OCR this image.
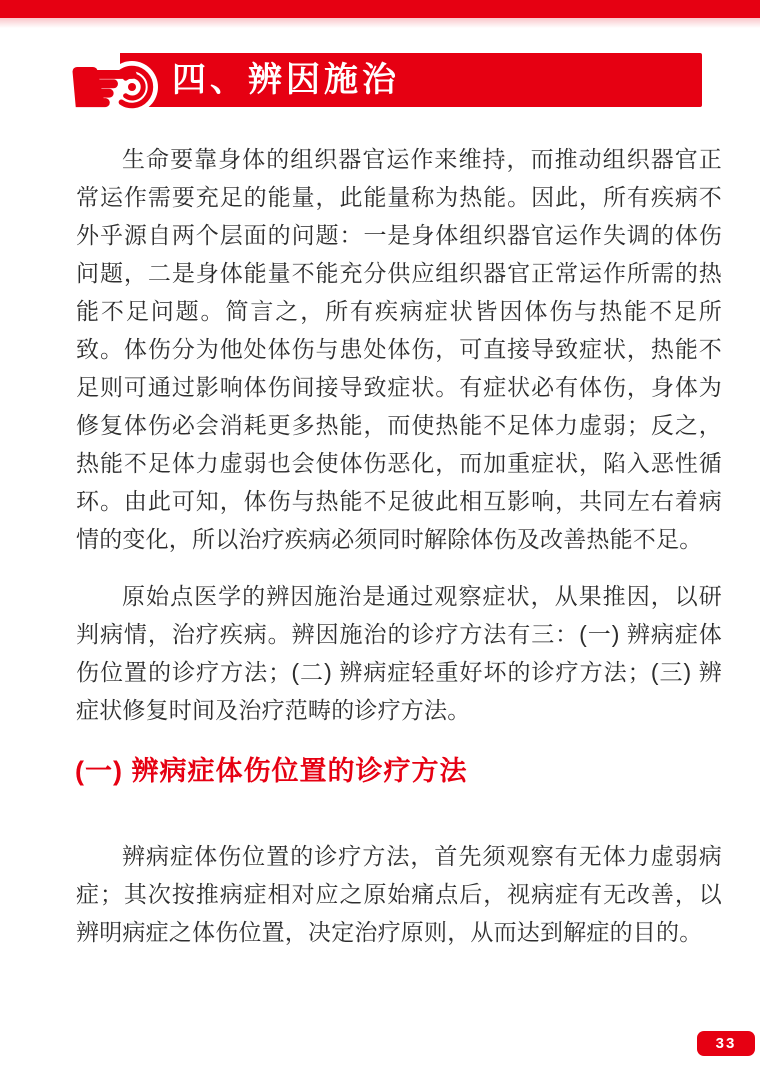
四、辨因施治
☛
生命要靠身体的组织器官运作来维持，而推动组织器官正常运作需要充足的能量，此能量称为热能。因此，所有疾病不外乎源自两个层面的问题：一是身体组织器官运作失调的体伤问题，二是身体能量不能充分供应组织器官正常运作所需的热能不足问题。简言之，所有疾病症状皆因体伤与热能不足所致。体伤分为他处体伤与患处体伤，可直接导致症状，热能不足则可通过影响体伤间接导致症状。有症状必有体伤，身体为修复体伤必会消耗更多热能，而使热能不足体力虚弱；反之，热能不足体力虚弱也会使体伤恶化，而加重症状，陷入恶性循环。由此可知，体伤与热能不足彼此相互影响，共同左右着病情的变化，所以治疗疾病必须同时解除体伤及改善热能不足。
原始点医学的辨因施治是通过观察症状，从果推因，以研判病情，治疗疾病。辨因施治的诊疗方法有三：(一) 辨病症体伤位置的诊疗方法；(二) 辨病症轻重好坏的诊疗方法；(三) 辨症状修复时间及治疗范畴的诊疗方法。
(一) 辨病症体伤位置的诊疗方法
辨病症体伤位置的诊疗方法，首先须观察有无体力虚弱病症；其次按推病症相对应之原始痛点后，视病症有无改善，以辨明病症之体伤位置，决定治疗原则，从而达到解症的目的。
33
